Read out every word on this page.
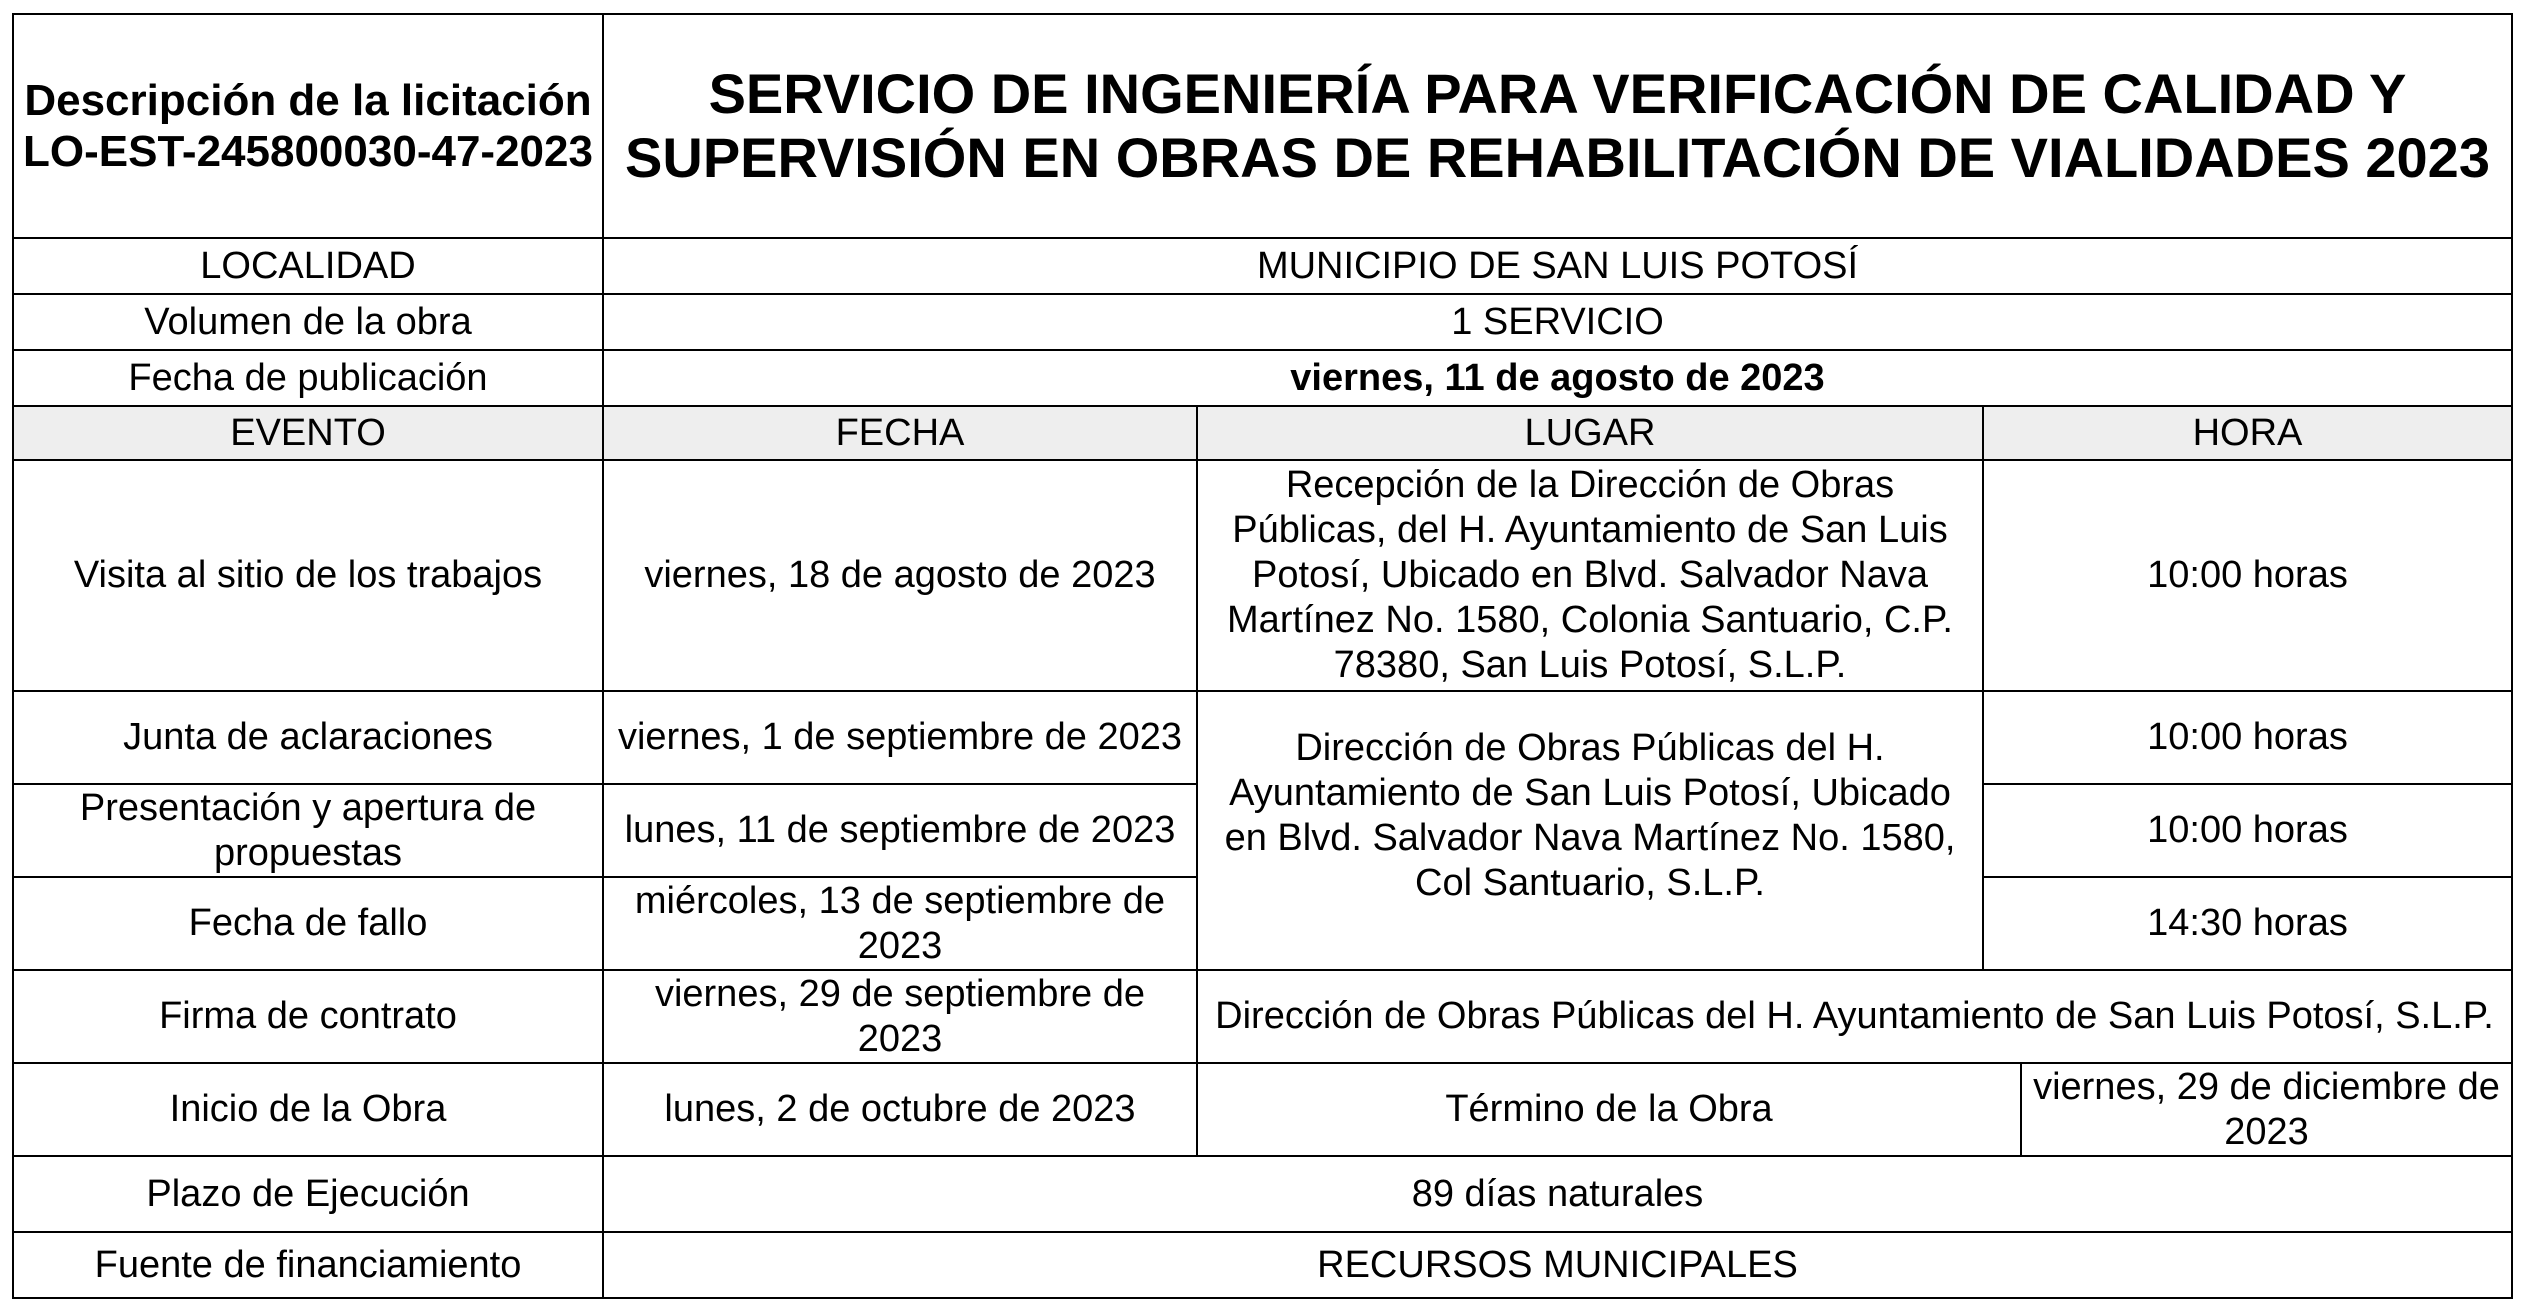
Descripción de la licitación LO-EST-245800030-47-2023	SERVICIO DE INGENIERÍA PARA VERIFICACIÓN DE CALIDAD Y SUPERVISIÓN EN OBRAS DE REHABILITACIÓN DE VIALIDADES 2023			
LOCALIDAD	MUNICIPIO DE SAN LUIS POTOSÍ			
Volumen de la obra	1 SERVICIO			
Fecha de publicación	viernes, 11 de agosto de 2023			
EVENTO	FECHA	LUGAR	HORA	
Visita al sitio de los trabajos	viernes, 18 de agosto de 2023	Recepción de la Dirección de Obras Públicas, del H. Ayuntamiento de San Luis Potosí, Ubicado en Blvd. Salvador Nava Martínez No. 1580, Colonia Santuario, C.P. 78380, San Luis Potosí, S.L.P.	10:00 horas	
Junta de aclaraciones	viernes, 1 de septiembre de 2023	Dirección de Obras Públicas del H. Ayuntamiento de San Luis Potosí, Ubicado en Blvd. Salvador Nava Martínez No. 1580, Col Santuario, S.L.P.	10:00 horas	
Presentación y apertura de propuestas	lunes, 11 de septiembre de 2023		10:00 horas	
Fecha de fallo	miércoles, 13 de septiembre de 2023		14:30 horas	
Firma de contrato	viernes, 29 de septiembre de 2023	Dirección de Obras Públicas del H. Ayuntamiento de San Luis Potosí, S.L.P.		
Inicio de la Obra	lunes, 2 de octubre de 2023	Término de la Obra		viernes, 29 de diciembre de 2023
Plazo de Ejecución	89 días naturales			
Fuente de financiamiento	RECURSOS MUNICIPALES			
